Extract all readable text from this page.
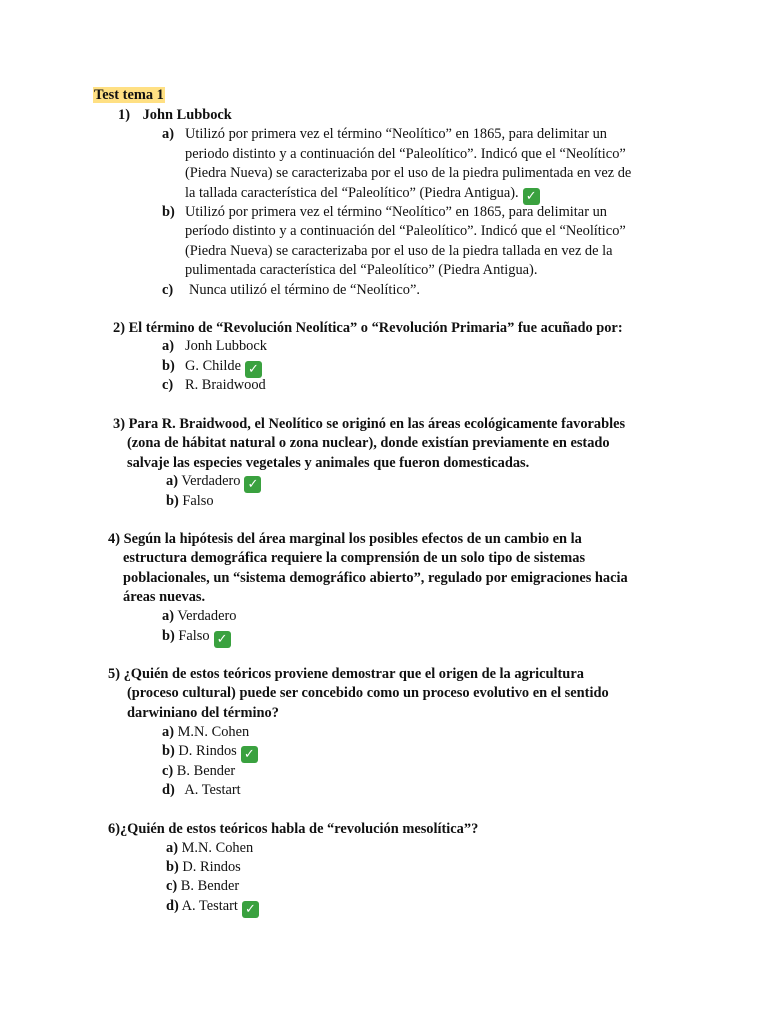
Test tema 1
1) John Lubbock
a) Utilizó por primera vez el término “Neolítico” en 1865, para delimitar un
periodo distinto y a continuación del “Paleolítico”. Indicó que el “Neolítico”
(Piedra Nueva) se caracterizaba por el uso de la piedra pulimentada en vez de
la tallada característica del “Paleolítico” (Piedra Antigua). ✓
b) Utilizó por primera vez el término “Neolítico” en 1865, para delimitar un
período distinto y a continuación del “Paleolítico”. Indicó que el “Neolítico”
(Piedra Nueva) se caracterizaba por el uso de la piedra tallada en vez de la
pulimentada característica del “Paleolítico” (Piedra Antigua).
c) Nunca utilizó el término de “Neolítico”.
2) El término de “Revolución Neolítica” o “Revolución Primaria” fue acuñado por:
a) Jonh Lubbock
b) G. Childe ✓
c) R. Braidwood
3) Para R. Braidwood, el Neolítico se originó en las áreas ecológicamente favorables
(zona de hábitat natural o zona nuclear), donde existían previamente en estado
salvaje las especies vegetales y animales que fueron domesticadas.
a) Verdadero ✓
b) Falso
4) Según la hipótesis del área marginal los posibles efectos de un cambio en la
estructura demográfica requiere la comprensión de un solo tipo de sistemas
poblacionales, un “sistema demográfico abierto”, regulado por emigraciones hacia
áreas nuevas.
a) Verdadero
b) Falso ✓
5) ¿Quién de estos teóricos proviene demostrar que el origen de la agricultura
(proceso cultural) puede ser concebido como un proceso evolutivo en el sentido
darwiniano del término?
a) M.N. Cohen
b) D. Rindos ✓
c) B. Bender
d) A. Testart
6)¿Quién de estos teóricos habla de “revolución mesolítica”?
a) M.N. Cohen
b) D. Rindos
c) B. Bender
d) A. Testart ✓
